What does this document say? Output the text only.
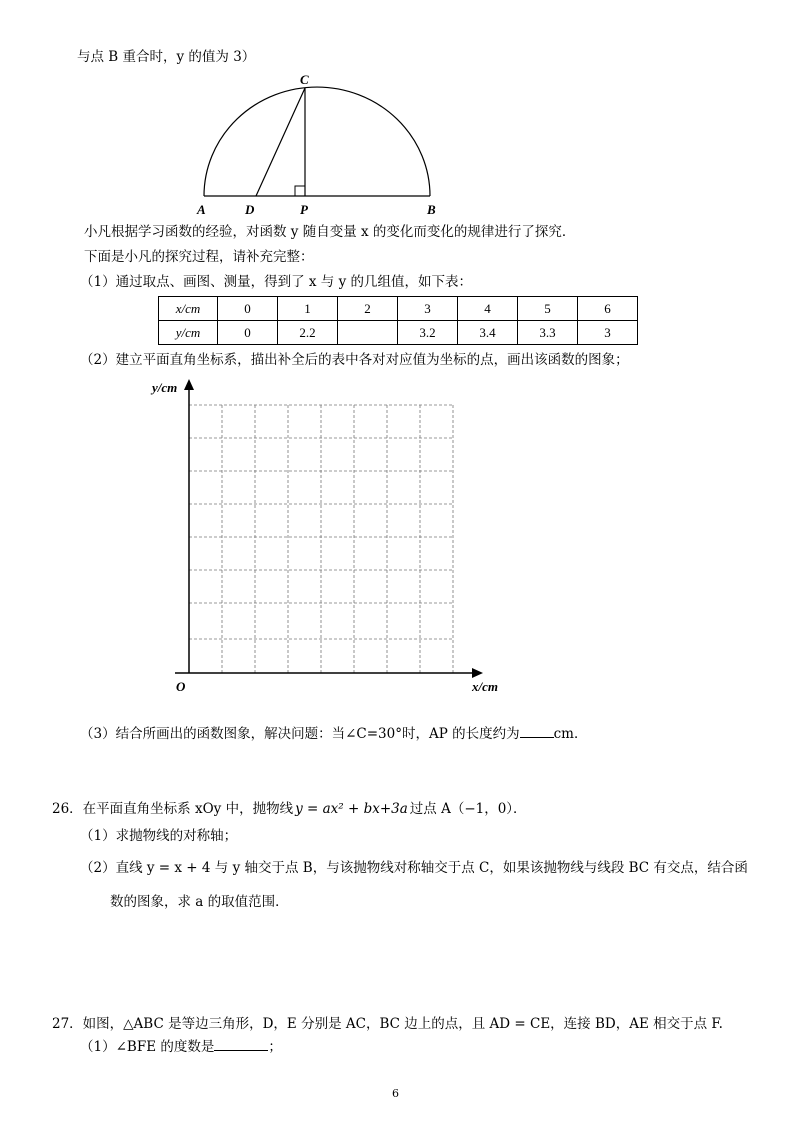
与点 B 重合时，y 的值为 3）
C
A	D	P	B
小凡根据学习函数的经验，对函数 y 随自变量 x 的变化而变化的规律进行了探究．
下面是小凡的探究过程，请补充完整：
（1）通过取点、画图、测量，得到了 x 与 y 的几组值，如下表：
x/cm	0	1	2	3	4	5	6
y/cm	0	2.2		3.2	3.4	3.3	3
（2）建立平面直角坐标系，描出补全后的表中各对对应值为坐标的点，画出该函数的图象；
y/cm
x/cm
O
（3）结合所画出的函数图象，解决问题：当∠C=30°时，AP 的长度约为	cm．
26．在平面直角坐标系 xOy 中，抛物线 y = ax² + bx+3a 过点 A（−1，0）．
（1）求抛物线的对称轴；
（2）直线 y = x + 4 与 y 轴交于点 B，与该抛物线对称轴交于点 C，如果该抛物线与线段 BC 有交点，结合函
数的图象，求 a 的取值范围．
27．如图，△ABC 是等边三角形，D，E 分别是 AC，BC 边上的点，且 AD = CE，连接 BD，AE 相交于点 F.
（1）∠BFE 的度数是	；
6
